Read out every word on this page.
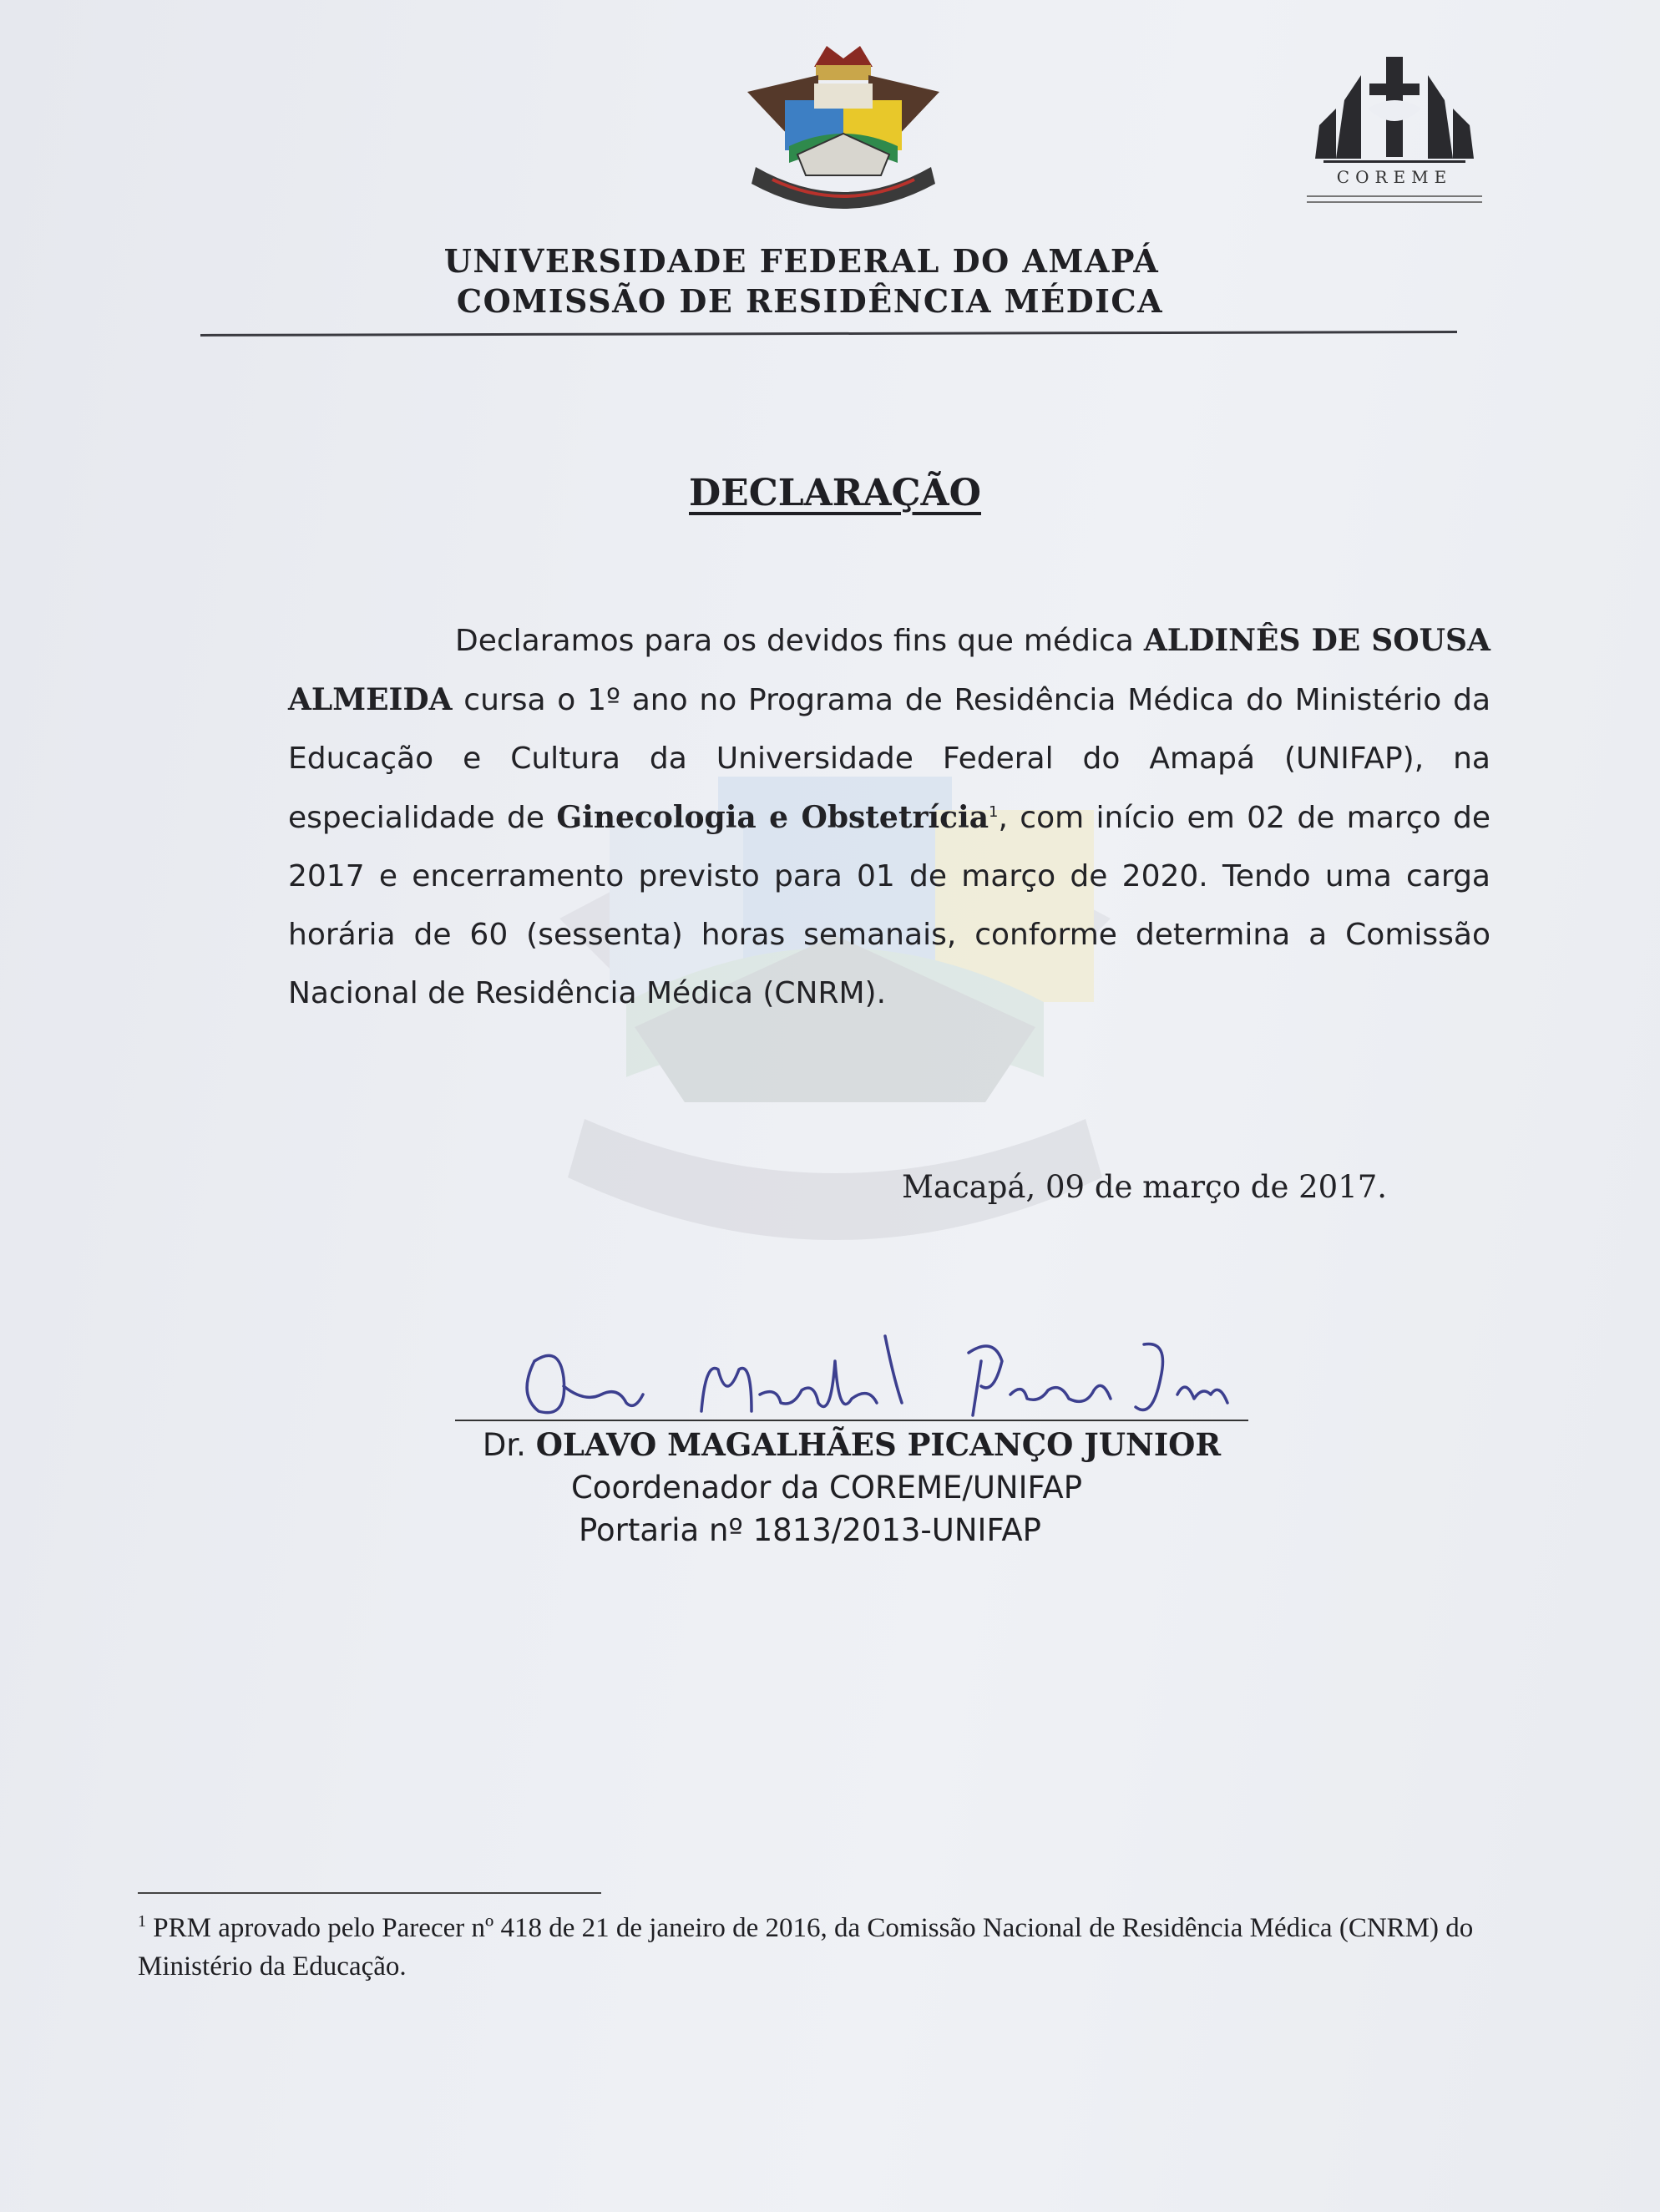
COREME
UNIVERSIDADE FEDERAL DO AMAPÁ
COMISSÃO DE RESIDÊNCIA MÉDICA
DECLARAÇÃO
Declaramos para os devidos fins que médica ALDINÊS DE SOUSA ALMEIDA cursa o 1º ano no Programa de Residência Médica do Ministério da Educação e Cultura da Universidade Federal do Amapá (UNIFAP), na especialidade de Ginecologia e Obstetrícia$^1$, com início em 02 de março de 2017 e encerramento previsto para 01 de março de 2020. Tendo uma carga horária de 60 (sessenta) horas semanais, conforme determina a Comissão Nacional de Residência Médica (CNRM).
Macapá, 09 de março de 2017.
Dr. OLAVO MAGALHÃES PICANÇO JUNIOR
Coordenador da COREME/UNIFAP
Portaria nº 1813/2013-UNIFAP
$^1$ PRM aprovado pelo Parecer nº 418 de 21 de janeiro de 2016, da Comissão Nacional de Residência Médica (CNRM) do Ministério da Educação.
